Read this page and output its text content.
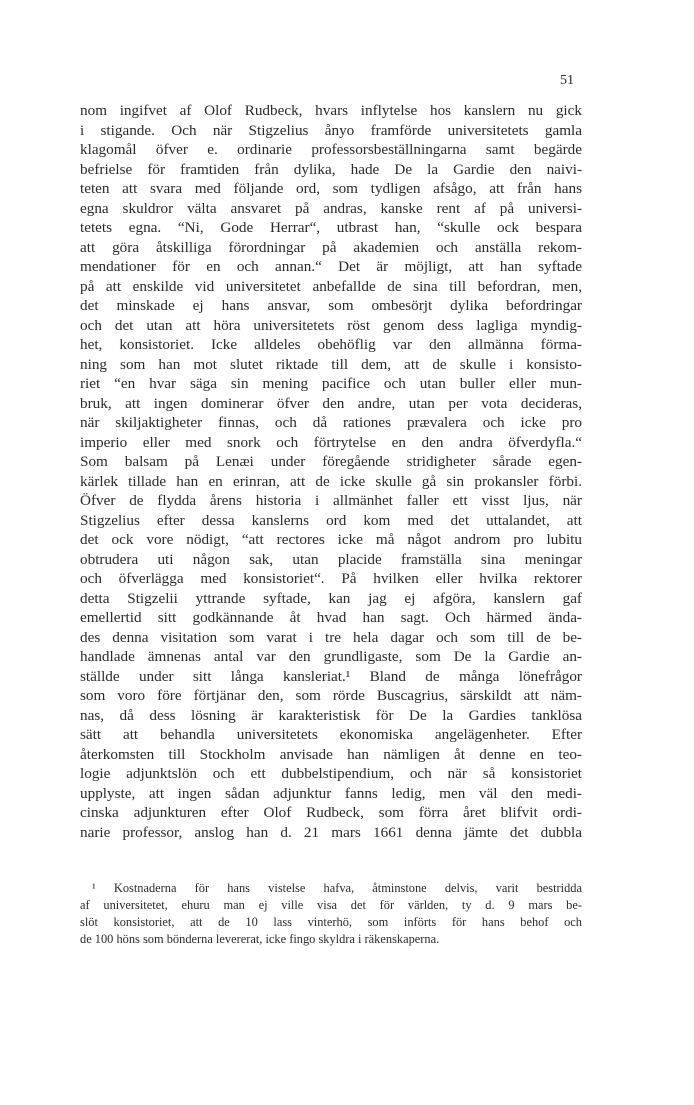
51
nom ingifvet af Olof Rudbeck, hvars inflytelse hos kanslern nu gick
i stigande. Och när Stigzelius ånyo framförde universitetets gamla
klagomål öfver e. ordinarie professorsbeställningarna samt begärde
befrielse för framtiden från dylika, hade De la Gardie den naivi-
teten att svara med följande ord, som tydligen afsågo, att från hans
egna skuldror välta ansvaret på andras, kanske rent af på universi-
tetets egna. “Ni, Gode Herrar“, utbrast han, “skulle ock bespara
att göra åtskilliga förordningar på akademien och anställa rekom-
mendationer för en och annan.“ Det är möjligt, att han syftade
på att enskilde vid universitetet anbefallde de sina till befordran, men,
det minskade ej hans ansvar, som ombesörjt dylika befordringar
och det utan att höra universitetets röst genom dess lagliga myndig-
het, konsistoriet. Icke alldeles obehöflig var den allmänna förma-
ning som han mot slutet riktade till dem, att de skulle i konsisto-
riet “en hvar säga sin mening pacifice och utan buller eller mun-
bruk, att ingen dominerar öfver den andre, utan per vota decideras,
när skiljaktigheter finnas, och då rationes prævalera och icke pro
imperio eller med snork och förtrytelse en den andra öfverdyfla.“
Som balsam på Lenæi under föregående stridigheter sårade egen-
kärlek tillade han en erinran, att de icke skulle gå sin prokansler förbi.
Öfver de flydda årens historia i allmänhet faller ett visst ljus, när
Stigzelius efter dessa kanslerns ord kom med det uttalandet, att
det ock vore nödigt, “att rectores icke må något androm pro lubitu
obtrudera uti någon sak, utan placide framställa sina meningar
och öfverlägga med konsistoriet“. På hvilken eller hvilka rektorer
detta Stigzelii yttrande syftade, kan jag ej afgöra, kanslern gaf
emellertid sitt godkännande åt hvad han sagt. Och härmed ända-
des denna visitation som varat i tre hela dagar och som till de be-
handlade ämnenas antal var den grundligaste, som De la Gardie an-
ställde under sitt långa kansleriat.¹ Bland de många lönefrågor
som voro före förtjänar den, som rörde Buscagrius, särskildt att näm-
nas, då dess lösning är karakteristisk för De la Gardies tanklösa
sätt att behandla universitetets ekonomiska angelägenheter. Efter
återkomsten till Stockholm anvisade han nämligen åt denne en teo-
logie adjunktslön och ett dubbelstipendium, och när så konsistoriet
upplyste, att ingen sådan adjunktur fanns ledig, men väl den medi-
cinska adjunkturen efter Olof Rudbeck, som förra året blifvit ordi-
narie professor, anslog han d. 21 mars 1661 denna jämte det dubbla
¹ Kostnaderna för hans vistelse hafva, åtminstone delvis, varit bestridda
af universitetet, ehuru man ej ville visa det för världen, ty d. 9 mars be-
slöt konsistoriet, att de 10 lass vinterhö, som införts för hans behof och
de 100 höns som bönderna levererat, icke fingo skyldra i räkenskaperna.
